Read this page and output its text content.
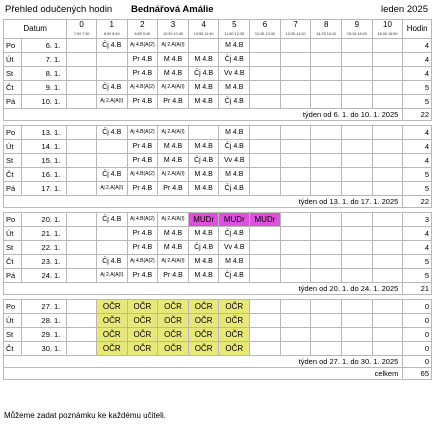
Přehled odučených hodin Bednářová Amálie	leden 2025
Datum		0	1	2	3	4	5	6	7	8	9	10	Hodin
		7:00 7:30	8:00 8:45	8:55 9:40	10:00 10:45	10:55 11:40	11:50 12:35	12:45 13:30	13:35 14:20	14:25 15:10	15:15 16:00	16:05 16:50	
Po	6. 1.		Čj 4.B	Aj 4.B(A(2)	Aj 2.A(A(I)		M 4.B						4
Út	7. 1.			Pr 4.B	M 4.B	M 4.B	Čj 4.B						4
St	8. 1.			Pr 4.B	M 4.B	Čj 4.B	Vv 4.B						4
Čt	9. 1.		Čj 4.B	Aj 4.B(A(2)	Aj 2.A(A(I)	M 4.B	M 4.B						5
Pá	10. 1.		Aj 2.A(A(I)	Pr 4.B	Pr 4.B	M 4.B	Čj 4.B						5
týden od 6. 1. do 10. 1. 2025													22

Po	13. 1.		Čj 4.B	Aj 4.B(A(2)	Aj 2.A(A(I)		M 4.B						4
Út	14. 1.			Pr 4.B	M 4.B	M 4.B	Čj 4.B						4
St	15. 1.			Pr 4.B	M 4.B	Čj 4.B	Vv 4.B						4
Čt	16. 1.		Čj 4.B	Aj 4.B(A(2)	Aj 2.A(A(I)	M 4.B	M 4.B						5
Pá	17. 1.		Aj 2.A(A(I)	Pr 4.B	Pr 4.B	M 4.B	Čj 4.B						5
týden od 13. 1. do 17. 1. 2025													22

Po	20. 1.		Čj 4.B	Aj 4.B(A(2)	Aj 2.A(A(I)	MUDr	MUDr	MUDr					3
Út	21. 1.			Pr 4.B	M 4.B	M 4.B	Čj 4.B						4
St	22. 1.			Pr 4.B	M 4.B	Čj 4.B	Vv 4.B						4
Čt	23. 1.		Čj 4.B	Aj 4.B(A(2)	Aj 2.A(A(I)	M 4.B	M 4.B						5
Pá	24. 1.		Aj 2.A(A(I)	Pr 4.B	Pr 4.B	M 4.B	Čj 4.B						5
týden od 20. 1. do 24. 1. 2025													21

Po	27. 1.		OČR	OČR	OČR	OČR	OČR						0
Út	28. 1.		OČR	OČR	OČR	OČR	OČR						0
St	29. 1.		OČR	OČR	OČR	OČR	OČR						0
Čt	30. 1.		OČR	OČR	OČR	OČR	OČR						0
týden od 27. 1. do 30. 1. 2025													0
celkem													65
Můžeme zadat poznámku ke každému učiteli.
